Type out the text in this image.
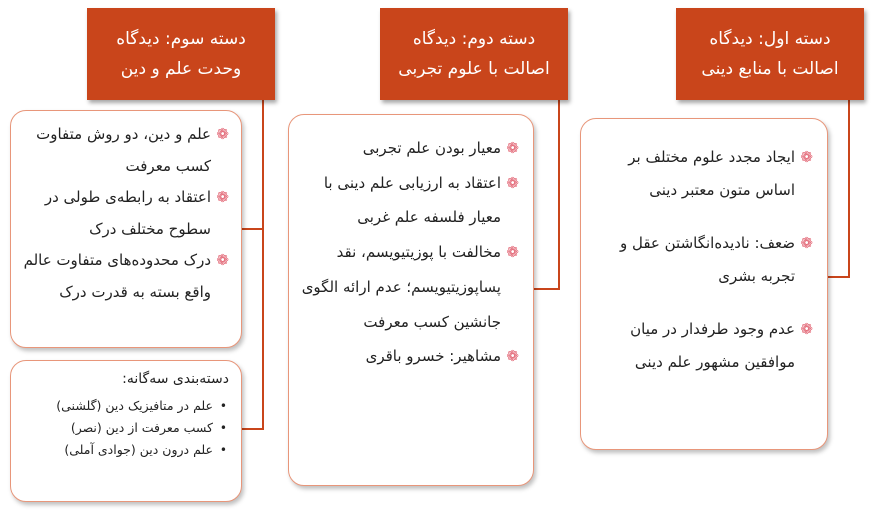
دسته اول: دیدگاه
اصالت با منابع دینی
دسته دوم: دیدگاه
اصالت با علوم تجربی
دسته سوم: دیدگاه
وحدت علم و دین
❁
ایجاد مجدد علوم مختلف بر اساس متون معتبر دینی
❁
ضعف: نادیده‌انگاشتن عقل و تجربه بشری
❁
عدم وجود طرفدار در میان موافقین مشهور علم دینی
❁
معیار بودن علم تجربی
❁
اعتقاد به ارزیابی علم دینی با معیار فلسفه علم غربی
❁
مخالفت با پوزیتیویسم، نقد پساپوزیتیویسم؛ عدم ارائه الگوی جانشین کسب معرفت
❁
مشاهیر: خسرو باقری
❁
علم و دین، دو روش متفاوت کسب معرفت
❁
اعتقاد به رابطه‌ی طولی در سطوح مختلف درک
❁
درک محدوده‌های متفاوت عالم واقع بسته به قدرت درک
دسته‌بندی سه‌گانه:
•
علم در متافیزیک دین (گلشنی)
•
کسب معرفت از دین (نصر)
•
علم درون دین (جوادی آملی)
